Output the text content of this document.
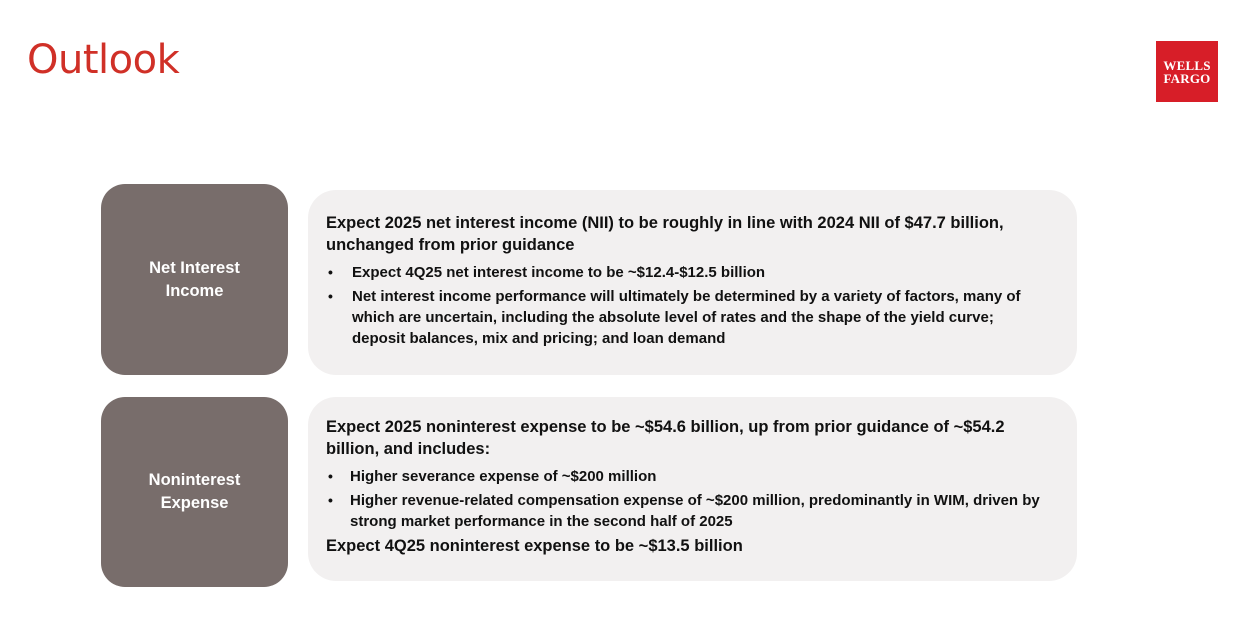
Outlook	WELLS
FARGO
Net Interest
Income

Expect 2025 net interest income (NII) to be roughly in line with 2024 NII of $47.7 billion, unchanged from prior guidance

• Expect 4Q25 net interest income to be ~$12.4-$12.5 billion
• Net interest income performance will ultimately be determined by a variety of factors, many of which are uncertain, including the absolute level of rates and the shape of the yield curve; deposit balances, mix and pricing; and loan demand
Noninterest
Expense

Expect 2025 noninterest expense to be ~$54.6 billion, up from prior guidance of ~$54.2 billion, and includes:

• Higher severance expense of ~$200 million
• Higher revenue-related compensation expense of ~$200 million, predominantly in WIM, driven by strong market performance in the second half of 2025

Expect 4Q25 noninterest expense to be ~$13.5 billion
